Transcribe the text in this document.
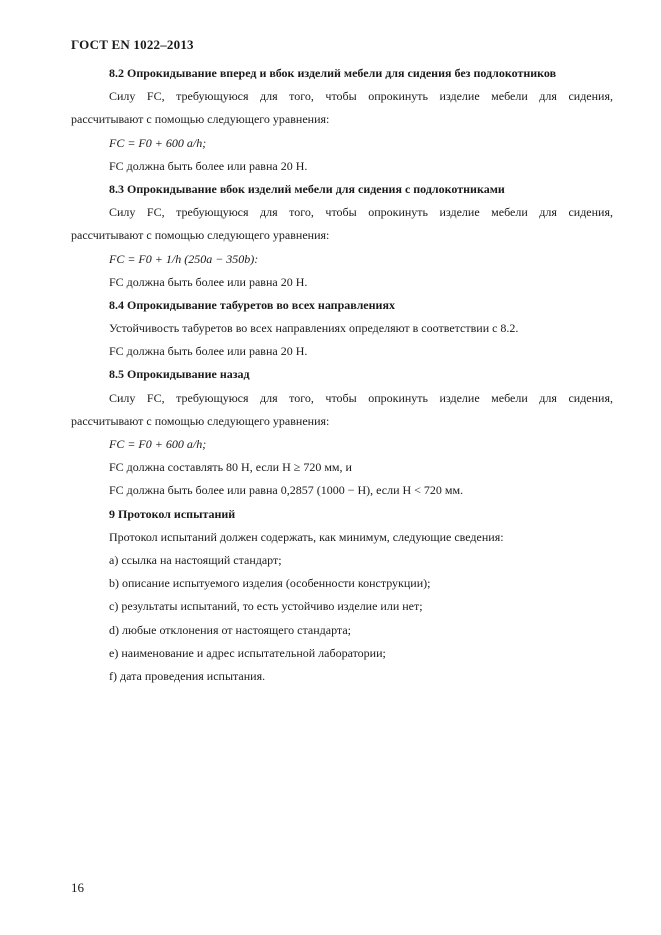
ГОСТ EN 1022–2013
8.2 Опрокидывание вперед и вбок изделий мебели для сидения без подлокотников
Силу FC, требующуюся для того, чтобы опрокинуть изделие мебели для сидения,
рассчитывают с помощью следующего уравнения:
FC = F0 + 600 a/h;
FC должна быть более или равна 20 Н.
8.3 Опрокидывание вбок изделий мебели для сидения с подлокотниками
Силу FC, требующуюся для того, чтобы опрокинуть изделие мебели для сидения,
рассчитывают с помощью следующего уравнения:
FC = F0 + 1/h (250a − 350b):
FC должна быть более или равна 20 Н.
8.4 Опрокидывание табуретов во всех направлениях
Устойчивость табуретов во всех направлениях определяют в соответствии с 8.2.
FC должна быть более или равна 20 Н.
8.5 Опрокидывание назад
Силу FC, требующуюся для того, чтобы опрокинуть изделие мебели для сидения,
рассчитывают с помощью следующего уравнения:
FC = F0 + 600 a/h;
FC должна составлять 80 Н, если H ≥ 720 мм, и
FC должна быть более или равна 0,2857 (1000 − H), если H < 720 мм.
9 Протокол испытаний
Протокол испытаний должен содержать, как минимум, следующие сведения:
a) ссылка на настоящий стандарт;
b) описание испытуемого изделия (особенности конструкции);
c) результаты испытаний, то есть устойчиво изделие или нет;
d) любые отклонения от настоящего стандарта;
e) наименование и адрес испытательной лаборатории;
f) дата проведения испытания.
16
